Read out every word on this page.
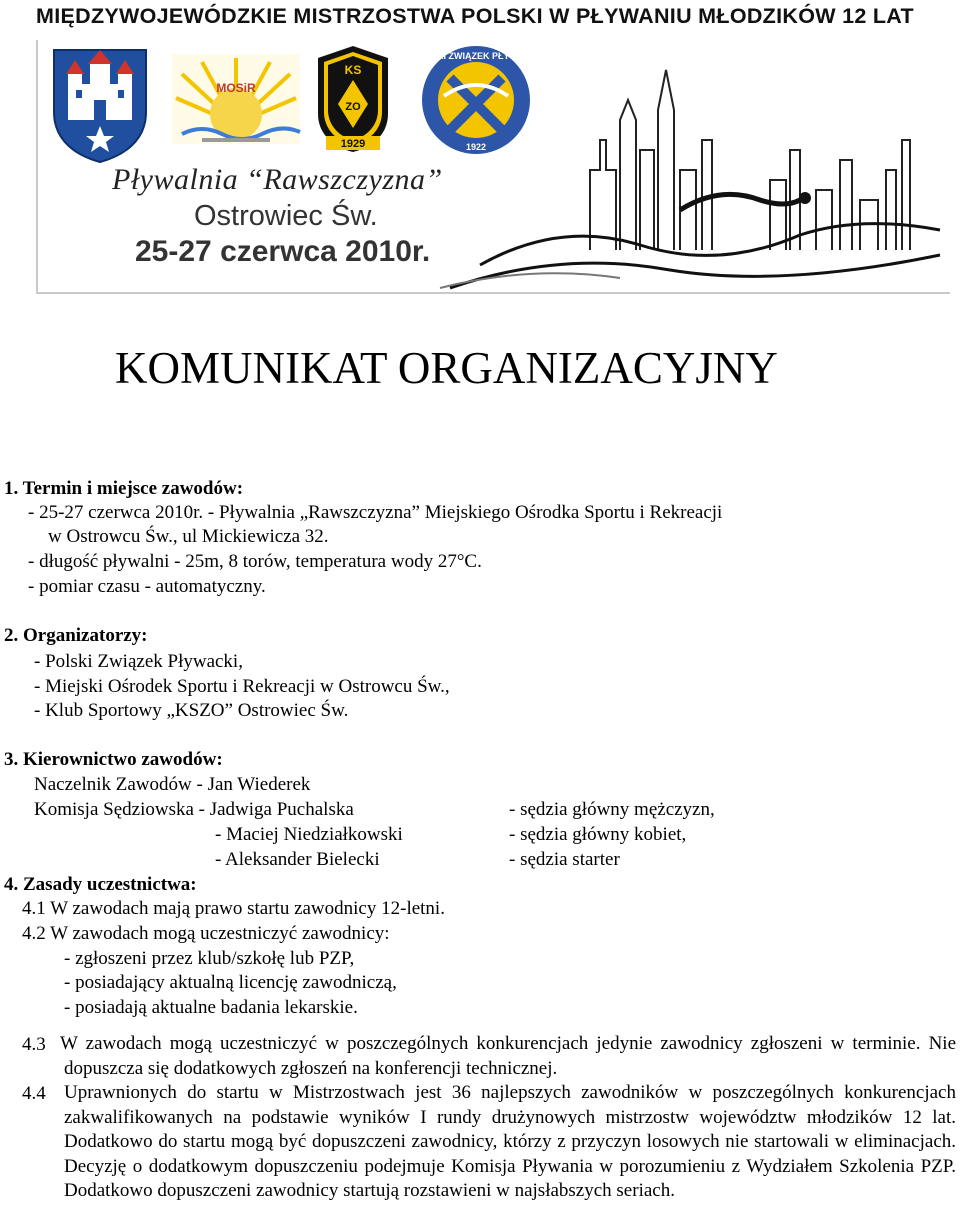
MIĘDZYWOJEWÓDZKIE MISTRZOSTWA POLSKI W PŁYWANIU MŁODZIKÓW 12 LAT
MOSiR
KS
ZO
1929
POLSKI ZWIĄZEK PŁYWACKI
1922
Pływalnia “Rawszczyzna”
Ostrowiec Św.
25-27 czerwca 2010r.
KOMUNIKAT ORGANIZACYJNY
1. Termin i miejsce zawodów:
- 25-27 czerwca 2010r. - Pływalnia „Rawszczyzna” Miejskiego Ośrodka Sportu i Rekreacji
w Ostrowcu Św., ul Mickiewicza 32.
- długość pływalni - 25m, 8 torów, temperatura wody 27°C.
- pomiar czasu - automatyczny.
2. Organizatorzy:
- Polski Związek Pływacki,
- Miejski Ośrodek Sportu i Rekreacji w Ostrowcu Św.,
- Klub Sportowy „KSZO” Ostrowiec Św.
3. Kierownictwo zawodów:
Naczelnik Zawodów - Jan Wiederek
Komisja Sędziowska - Jadwiga Puchalska	- sędzia główny mężczyzn,
- Maciej Niedziałkowski	- sędzia główny kobiet,
- Aleksander Bielecki	- sędzia starter
4. Zasady uczestnictwa:
4.1 W zawodach mają prawo startu zawodnicy 12-letni.
4.2 W zawodach mogą uczestniczyć zawodnicy:
- zgłoszeni przez klub/szkołę lub PZP,
- posiadający aktualną licencję zawodniczą,
- posiadają aktualne badania lekarskie.
4.3 W zawodach mogą uczestniczyć w poszczególnych konkurencjach jedynie zawodnicy zgłoszeni w terminie. Nie dopuszcza się dodatkowych zgłoszeń na konferencji technicznej.
4.4 Uprawnionych do startu w Mistrzostwach jest 36 najlepszych zawodników w poszczególnych konkurencjach zakwalifikowanych na podstawie wyników I rundy drużynowych mistrzostw województw młodzików 12 lat. Dodatkowo do startu mogą być dopuszczeni zawodnicy, którzy z przyczyn losowych nie startowali w eliminacjach. Decyzję o dodatkowym dopuszczeniu podejmuje Komisja Pływania w porozumieniu z Wydziałem Szkolenia PZP. Dodatkowo dopuszczeni zawodnicy startują rozstawieni w najsłabszych seriach.
